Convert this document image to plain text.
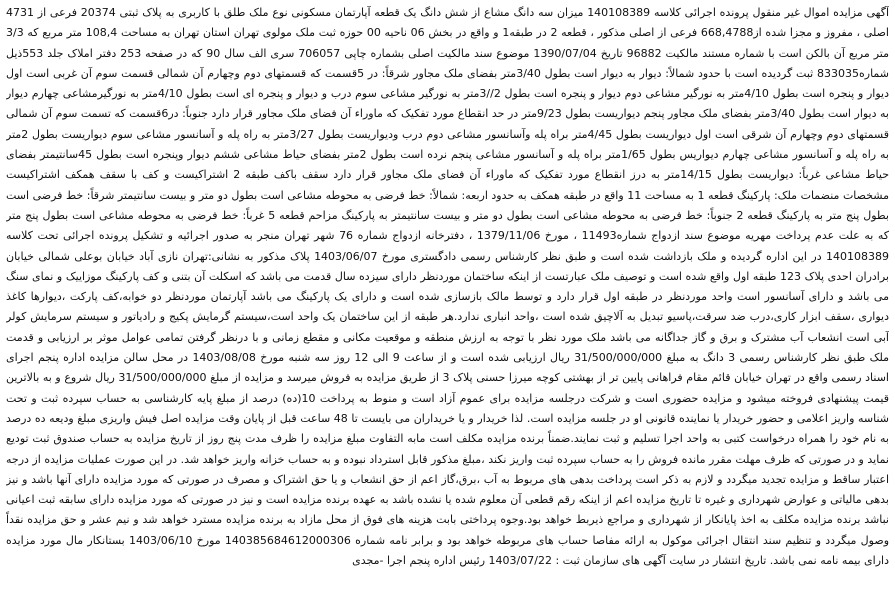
آگهی مزایده اموال غیر منقول پرونده اجرائی کلاسه 140108389 میزان سه دانگ مشاع از شش دانگ یک قطعه آپارتمان مسکونی نوع ملک طلق با کاربری به پلاک ثبتی 20374 فرعی از 4731 اصلی ، مفروز و مجزا شده از668,4788 فرعی از اصلی مذکور ، قطعه 2 در طبقه1 و واقع در بخش 06 ناحیه 00 حوزه ثبت ملک مولوی تهران استان تهران به مساحت 108,4 متر مربع که 3/3 متر مربع آن بالکن است با شماره مستند مالکیت 96882 تاریخ 1390/07/04 موضوع سند مالکیت اصلی بشماره چاپی 706057 سری الف سال 90 که در صفحه 253 دفتر املاک جلد 553ذیل شماره833035 ثبت گردیده است با حدود شمالاً: دیوار به دیوار است بطول 3/40متر بفضای ملک مجاور شرقاً: در 5قسمت که قسمتهای دوم وچهارم آن شمالی قسمت سوم آن غربی است اول دیوار و پنجره است بطول 4/10متر به نورگیر مشاعی دوم دیوار و پنجره است بطول 2//3متر به نورگیر مشاعی سوم درب و دیوار و پنجره ای است بطول 4/10متر به نورگیرمشاعی چهارم دیوار به دیوار است بطول 3/40متر بفضای ملک مجاور پنجم دیواریست بطول 9/23متر در حد انقطاع مورد تفکیک که ماوراء آن فضای ملک مجاور قرار دارد جنوباً: در6قسمت که تسمت سوم آن شمالی قسمتهای دوم وچهارم آن شرقی است اول دیواریست بطول 4/45متر براه پله وآسانسور مشاعی دوم درب ودیواریست بطول 3/27متر به راه پله و آسانسور مشاعی سوم دیواریست بطول 2متر به راه پله و آسانسور مشاعی چهارم دیواریس بطول 1/65متر براه پله و آسانسور مشاعی پنجم نرده است بطول 2متر بفضای حیاط مشاعی ششم دیوار وپنجره است بطول 45سانتیمتر بفضای حیاط مشاعی غرباً: دیواریست بطول 14/15متر به درز انقطاع مورد تفکیک که ماوراء آن فضای ملک مجاور قرار دارد سقف باکف طبقه 2 اشتراکیست و کف با سقف همکف اشتراکیست مشخصات منضمات ملک: پارکینگ قطعه 1 به مساحت 11 واقع در طبقه همکف به حدود اربعه: شمالاً: خط فرضی به محوطه مشاعی است بطول دو متر و بیست سانتیمتر شرقاً: خط فرضی است بطول پنج متر به پارکینگ قطعه 2 جنوباً: خط فرضی به محوطه مشاعی است بطول دو متر و بیست سانتیمتر به پارکینگ مزاحم قطعه 5 غرباً: خط فرضی به محوطه مشاعی است بطول پنج متر که به علت عدم پرداخت مهریه موضوع سند ازدواج شماره11493 ، مورخ 1379/11/06 ، دفترخانه ازدواج شماره 76 شهر تهران منجر به صدور اجرائیه و تشکیل پرونده اجرائی تحت کلاسه 140108389 در این اداره گردیده و ملک بازداشت شده است و طبق نظر کارشناس رسمی دادگستری مورخ 1403/06/07 پلاک مذکور به نشانی:تهران نازی آباد خیابان بوعلی شمالی خیابان برادران احدی پلاک 123 طبقه اول واقع شده است و توصیف ملک عبارتست از اینکه ساختمان موردنظر دارای سیزده سال قدمت می باشد که اسکلت آن بتنی و کف پارکینگ موزاییک و نمای سنگ می باشد و دارای آسانسور است واحد موردنظر در طبقه اول قرار دارد و توسط مالک بازسازی شده است و دارای یک پارکینگ می باشد آپارتمان موردنظر دو خوابه،کف پارکت ،دیوارها کاغذ دیواری ،سقف ابزار کاری،درب ضد سرقت،پاسیو تبدیل به آلاچیق شده است ،واحد انباری ندارد.هر طبقه از این ساختمان یک واحد است،سیستم گرمایش پکیج و رادیاتور و سیستم سرمایش کولر آبی است انشعاب آب مشترک و برق و گاز جداگانه می باشد ملک مورد نظر با توجه به ارزش منطقه و موقعیت مکانی و مقطع زمانی و با درنظر گرفتن تمامی عوامل موثر بر ارزیابی و قدمت ملک طبق نظر کارشناس رسمی 3 دانگ به مبلغ 31/500/000/000 ریال ارزیابی شده است و از ساعت 9 الی 12 روز سه شنبه مورخ 1403/08/08 در محل سالن مزایده اداره پنجم اجرای اسناد رسمی واقع در تهران خیابان قائم مقام فراهانی پایین تر از بهشتی کوچه میرزا حسنی پلاک 3 از طریق مزایده به فروش میرسد و مزایده از مبلغ 31/500/000/000 ریال شروع و به بالاترین قیمت پیشنهادی فروخته میشود و مزایده حضوری است و شرکت درجلسه مزایده برای عموم آزاد است و منوط به پرداخت 10(ده) درصد از مبلغ پایه کارشناسی به حساب سپرده ثبت و تحت شناسه واریز اعلامی و حضور خریدار یا نماینده قانونی او در جلسه مزایده است. لذا خریدار و یا خریداران می بایست تا 48 ساعت قبل از پایان وقت مزایده اصل فیش واریزی مبلغ ودیعه ده درصد به نام خود را همراه درخواست کتبی به واحد اجرا تسلیم و ثبت نمایند.ضمناً برنده مزایده مکلف است مابه التفاوت مبلغ مزایده را ظرف مدت پنج روز از تاریخ مزایده به حساب صندوق ثبت تودیع نماید و در صورتی که ظرف مهلت مقرر مانده فروش را به حساب سپرده ثبت واریز نکند ،مبلغ مذکور قابل استرداد نبوده و به حساب خزانه واریز خواهد شد. در این صورت عملیات مزایده از درجه اعتبار ساقط و مزایده تجدید میگردد و لازم به ذکر است پرداخت بدهی های مربوط به آب ،برق،گاز اعم از حق انشعاب و یا حق اشتراک و مصرف در صورتی که مورد مزایده دارای آنها باشد و نیز بدهی مالیاتی و عوارض شهرداری و غیره تا تاریخ مزایده اعم از اینکه رقم قطعی آن معلوم شده یا نشده باشد به عهده برنده مزایده است و نیز در صورتی که مورد مزایده دارای سابقه ثبت اعیانی نباشد برنده مزایده مکلف به اخذ پایانکار از شهرداری و مراجع ذیربط خواهد بود.وجوه پرداختی بابت هزینه های فوق از محل مازاد به برنده مزایده مسترد خواهد شد و نیم عشر و حق مزایده نقداً وصول میگردد و تنظیم سند انتقال اجرائی موکول به ارائه مفاصا حساب های مربوطه خواهد بود و برابر نامه شماره 140385684612000306 مورخ 1403/06/10 بستانکار مال مورد مزایده دارای بیمه نامه نمی باشد. تاریخ انتشار در سایت آگهی های سازمان ثبت : 1403/07/22 رئیس اداره پنجم اجرا -مجدی
